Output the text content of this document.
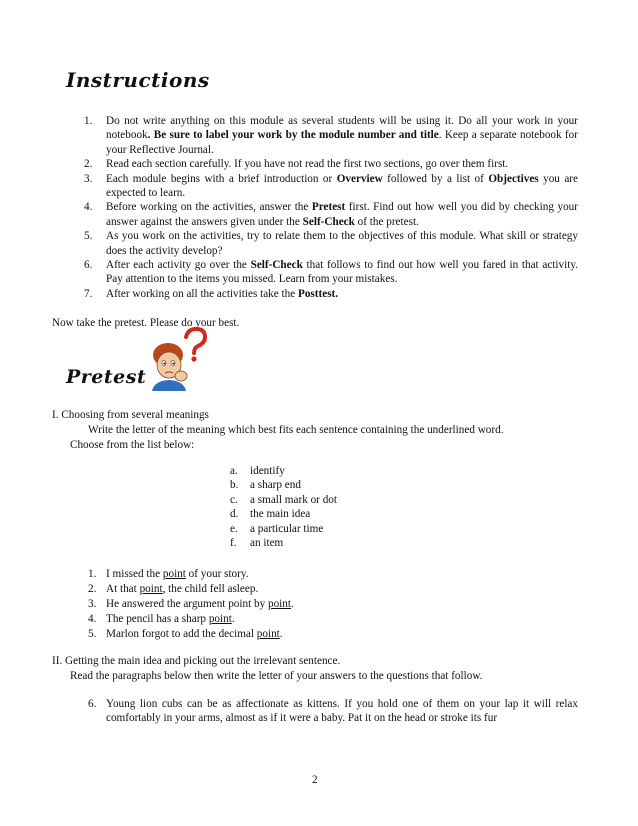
Instructions
1. Do not write anything on this module as several students will be using it. Do all your work in your notebook. Be sure to label your work by the module number and title. Keep a separate notebook for your Reflective Journal.
2. Read each section carefully. If you have not read the first two sections, go over them first.
3. Each module begins with a brief introduction or Overview followed by a list of Objectives you are expected to learn.
4. Before working on the activities, answer the Pretest first. Find out how well you did by checking your answer against the answers given under the Self-Check of the pretest.
5. As you work on the activities, try to relate them to the objectives of this module. What skill or strategy does the activity develop?
6. After each activity go over the Self-Check that follows to find out how well you fared in that activity. Pay attention to the items you missed. Learn from your mistakes.
7. After working on all the activities take the Posttest.
Now take the pretest. Please do your best.
Pretest
I. Choosing from several meanings
Write the letter of the meaning which best fits each sentence containing the underlined word.
Choose from the list below:
a. identify
b. a sharp end
c. a small mark or dot
d. the main idea
e. a particular time
f. an item
1. I missed the point of your story.
2. At that point, the child fell asleep.
3. He answered the argument point by point.
4. The pencil has a sharp point.
5. Marlon forgot to add the decimal point.
II. Getting the main idea and picking out the irrelevant sentence.
Read the paragraphs below then write the letter of your answers to the questions that follow.
6. Young lion cubs can be as affectionate as kittens. If you hold one of them on your lap it will relax comfortably in your arms, almost as if it were a baby. Pat it on the head or stroke its fur
2
